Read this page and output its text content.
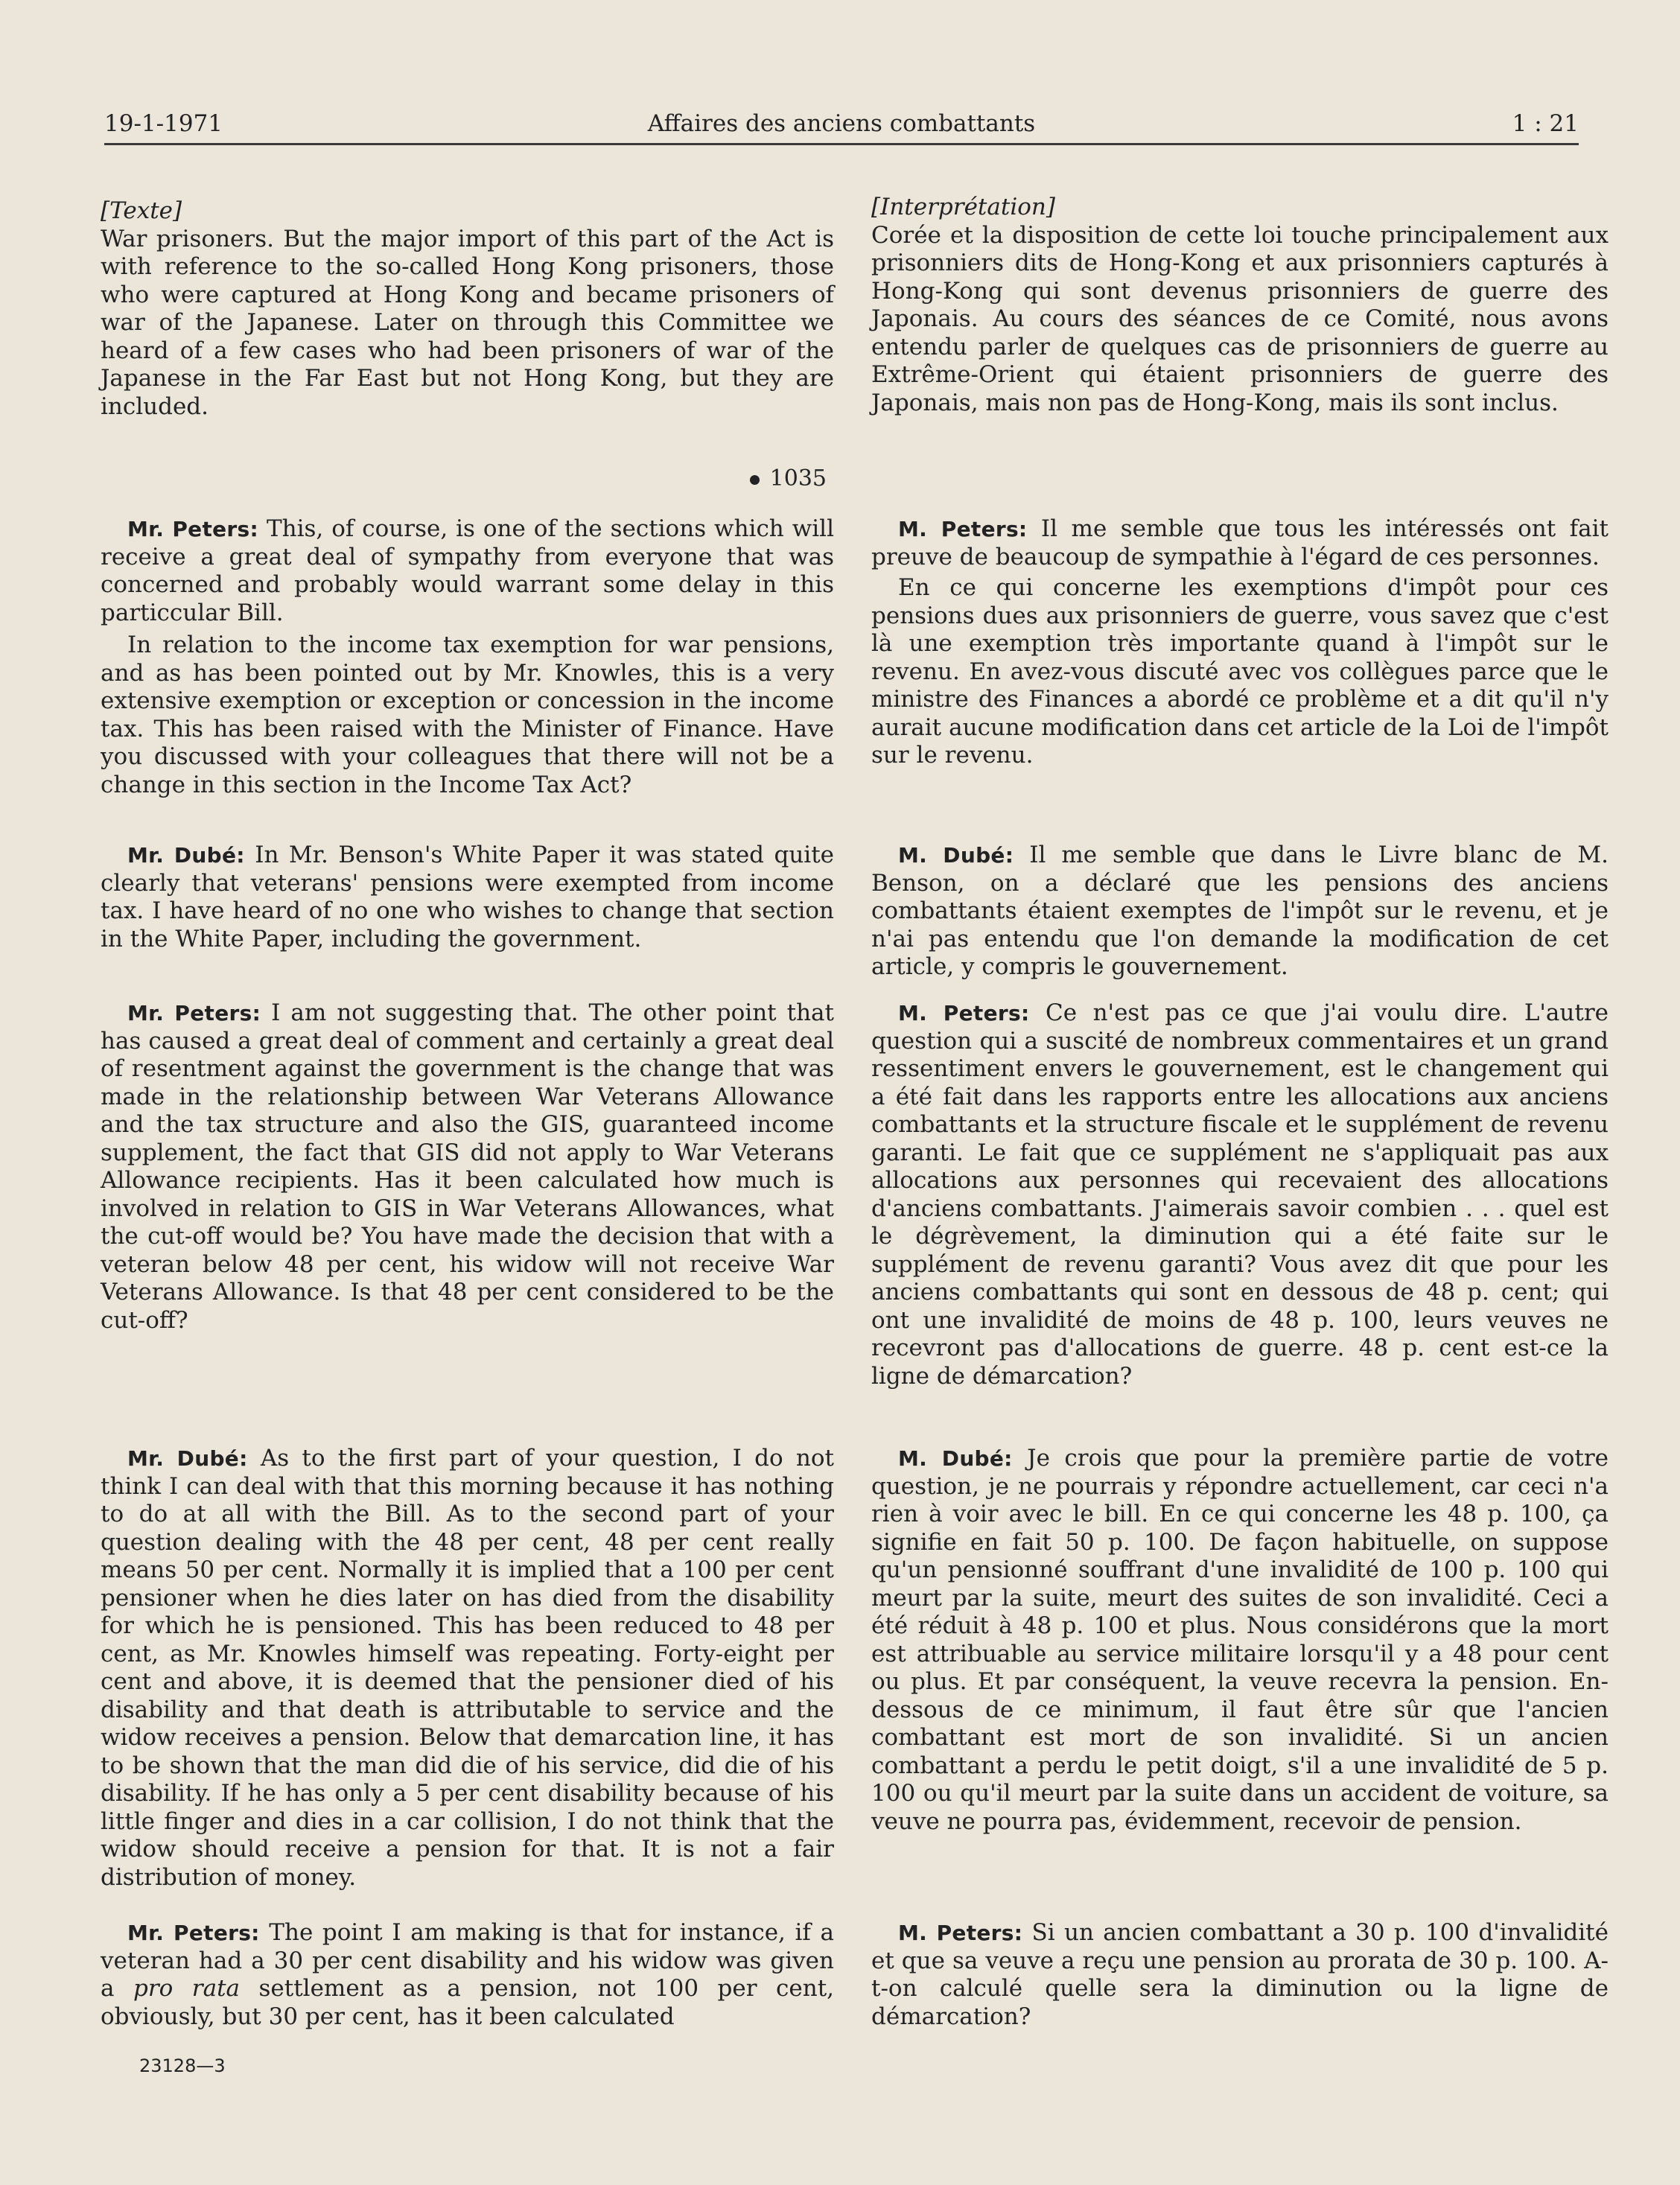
19-1-1971	Affaires des anciens combattants	1 : 21
[Texte]

War prisoners. But the major import of this part of the Act is with reference to the so-called Hong Kong prisoners, those who were captured at Hong Kong and became prisoners of war of the Japanese. Later on through this Committee we heard of a few cases who had been prisoners of war of the Japanese in the Far East but not Hong Kong, but they are included.

1035

Mr. Peters: This, of course, is one of the sections which will receive a great deal of sympathy from everyone that was concerned and probably would warrant some delay in this particcular Bill.

In relation to the income tax exemption for war pensions, and as has been pointed out by Mr. Knowles, this is a very extensive exemption or exception or concession in the income tax. This has been raised with the Minister of Finance. Have you discussed with your colleagues that there will not be a change in this section in the Income Tax Act?

Mr. Dubé: In Mr. Benson's White Paper it was stated quite clearly that veterans' pensions were exempted from income tax. I have heard of no one who wishes to change that section in the White Paper, including the government.

Mr. Peters: I am not suggesting that. The other point that has caused a great deal of comment and certainly a great deal of resentment against the government is the change that was made in the relationship between War Veterans Allowance and the tax structure and also the GIS, guaranteed income supplement, the fact that GIS did not apply to War Veterans Allowance recipients. Has it been calculated how much is involved in relation to GIS in War Veterans Allowances, what the cut-off would be? You have made the decision that with a veteran below 48 per cent, his widow will not receive War Veterans Allowance. Is that 48 per cent considered to be the cut-off?

Mr. Dubé: As to the first part of your question, I do not think I can deal with that this morning because it has nothing to do at all with the Bill. As to the second part of your question dealing with the 48 per cent, 48 per cent really means 50 per cent. Normally it is implied that a 100 per cent pensioner when he dies later on has died from the disability for which he is pensioned. This has been reduced to 48 per cent, as Mr. Knowles himself was repeating. Forty-eight per cent and above, it is deemed that the pensioner died of his disability and that death is attributable to service and the widow receives a pension. Below that demarcation line, it has to be shown that the man did die of his service, did die of his disability. If he has only a 5 per cent disability because of his little finger and dies in a car collision, I do not think that the widow should receive a pension for that. It is not a fair distribution of money.

Mr. Peters: The point I am making is that for instance, if a veteran had a 30 per cent disability and his widow was given a pro rata settlement as a pension, not 100 per cent, obviously, but 30 per cent, has it been calculated

23128—3
[Interprétation]

Corée et la disposition de cette loi touche principalement aux prisonniers dits de Hong-Kong et aux prisonniers capturés à Hong-Kong qui sont devenus prisonniers de guerre des Japonais. Au cours des séances de ce Comité, nous avons entendu parler de quelques cas de prisonniers de guerre au Extrême-Orient qui étaient prisonniers de guerre des Japonais, mais non pas de Hong-Kong, mais ils sont inclus.

M. Peters: Il me semble que tous les intéressés ont fait preuve de beaucoup de sympathie à l'égard de ces personnes.

En ce qui concerne les exemptions d'impôt pour ces pensions dues aux prisonniers de guerre, vous savez que c'est là une exemption très importante quand à l'impôt sur le revenu. En avez-vous discuté avec vos collègues parce que le ministre des Finances a abordé ce problème et a dit qu'il n'y aurait aucune modification dans cet article de la Loi de l'impôt sur le revenu.

M. Dubé: Il me semble que dans le Livre blanc de M. Benson, on a déclaré que les pensions des anciens combattants étaient exemptes de l'impôt sur le revenu, et je n'ai pas entendu que l'on demande la modification de cet article, y compris le gouvernement.

M. Peters: Ce n'est pas ce que j'ai voulu dire. L'autre question qui a suscité de nombreux commentaires et un grand ressentiment envers le gouvernement, est le changement qui a été fait dans les rapports entre les allocations aux anciens combattants et la structure fiscale et le supplément de revenu garanti. Le fait que ce supplément ne s'appliquait pas aux allocations aux personnes qui recevaient des allocations d'anciens combattants. J'aimerais savoir combien . . . quel est le dégrèvement, la diminution qui a été faite sur le supplément de revenu garanti? Vous avez dit que pour les anciens combattants qui sont en dessous de 48 p. cent; qui ont une invalidité de moins de 48 p. 100, leurs veuves ne recevront pas d'allocations de guerre. 48 p. cent est-ce la ligne de démarcation?

M. Dubé: Je crois que pour la première partie de votre question, je ne pourrais y répondre actuellement, car ceci n'a rien à voir avec le bill. En ce qui concerne les 48 p. 100, ça signifie en fait 50 p. 100. De façon habituelle, on suppose qu'un pensionné souffrant d'une invalidité de 100 p. 100 qui meurt par la suite, meurt des suites de son invalidité. Ceci a été réduit à 48 p. 100 et plus. Nous considérons que la mort est attribuable au service militaire lorsqu'il y a 48 pour cent ou plus. Et par conséquent, la veuve recevra la pension. En-dessous de ce minimum, il faut être sûr que l'ancien combattant est mort de son invalidité. Si un ancien combattant a perdu le petit doigt, s'il a une invalidité de 5 p. 100 ou qu'il meurt par la suite dans un accident de voiture, sa veuve ne pourra pas, évidemment, recevoir de pension.

M. Peters: Si un ancien combattant a 30 p. 100 d'invalidité et que sa veuve a reçu une pension au prorata de 30 p. 100. A-t-on calculé quelle sera la diminution ou la ligne de démarcation?
